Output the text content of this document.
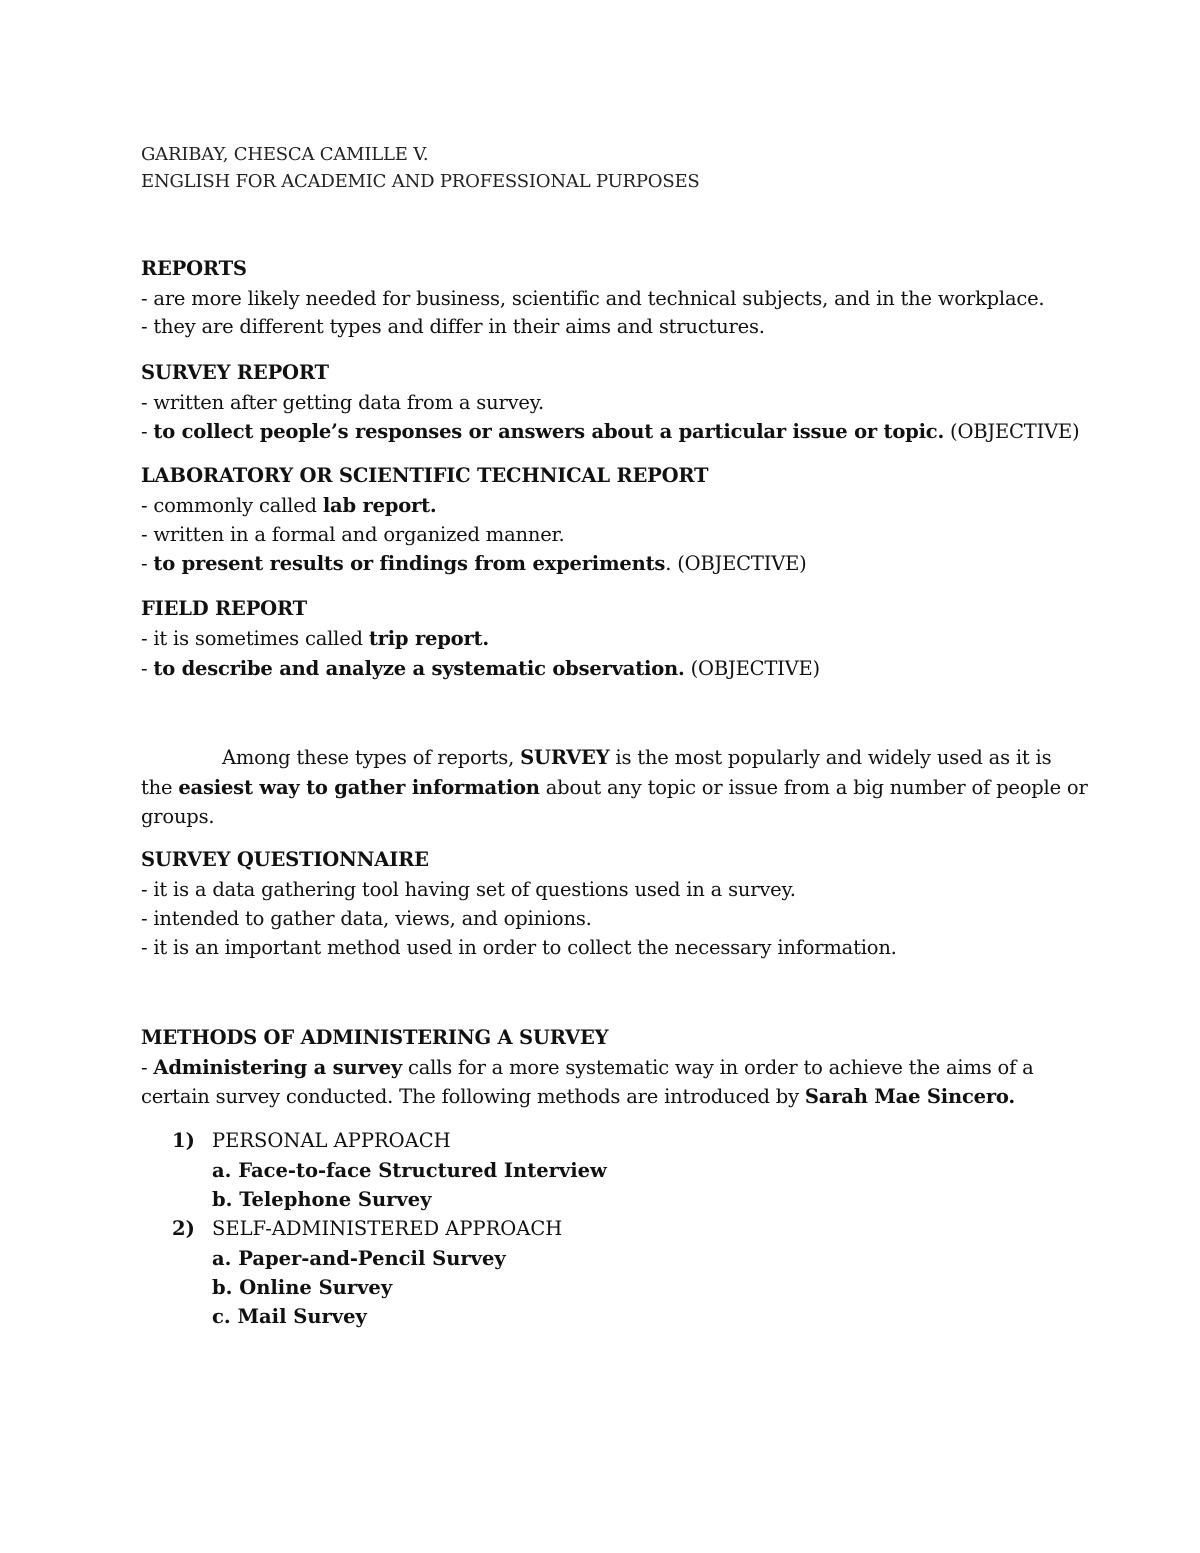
GARIBAY, CHESCA CAMILLE V.
ENGLISH FOR ACADEMIC AND PROFESSIONAL PURPOSES
REPORTS
- are more likely needed for business, scientific and technical subjects, and in the workplace.
- they are different types and differ in their aims and structures.
SURVEY REPORT
- written after getting data from a survey.
- to collect people’s responses or answers about a particular issue or topic. (OBJECTIVE)
LABORATORY OR SCIENTIFIC TECHNICAL REPORT
- commonly called lab report.
- written in a formal and organized manner.
- to present results or findings from experiments. (OBJECTIVE)
FIELD REPORT
- it is sometimes called trip report.
- to describe and analyze a systematic observation. (OBJECTIVE)
Among these types of reports, SURVEY is the most popularly and widely used as it is
the easiest way to gather information about any topic or issue from a big number of people or
groups.
SURVEY QUESTIONNAIRE
- it is a data gathering tool having set of questions used in a survey.
- intended to gather data, views, and opinions.
- it is an important method used in order to collect the necessary information.
METHODS OF ADMINISTERING A SURVEY
- Administering a survey calls for a more systematic way in order to achieve the aims of a
certain survey conducted. The following methods are introduced by Sarah Mae Sincero.
1) PERSONAL APPROACH
a. Face-to-face Structured Interview
b. Telephone Survey
2) SELF-ADMINISTERED APPROACH
a. Paper-and-Pencil Survey
b. Online Survey
c. Mail Survey
